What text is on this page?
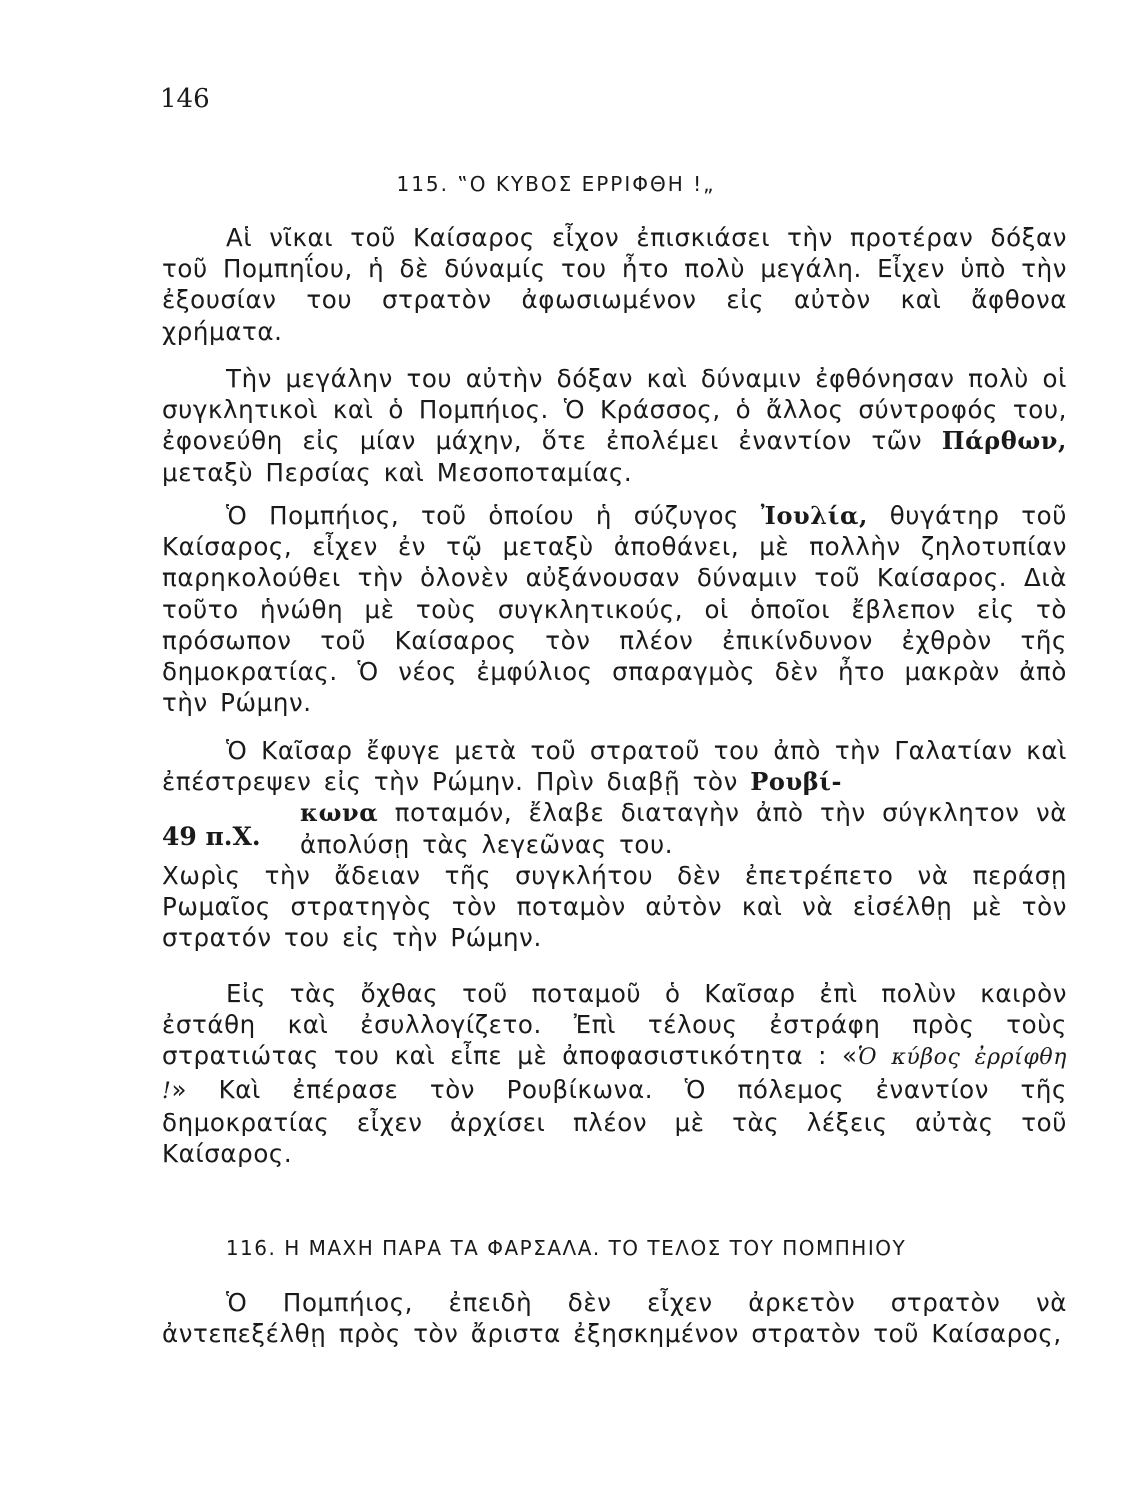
146
115. ‟Ο ΚΥΒΟΣ ΕΡΡΙΦΘΗ !„
Αἱ νῖκαι τοῦ Καίσαρος εἶχον ἐπισκιάσει τὴν προτέραν δόξαν τοῦ Πομπηΐου, ἡ δὲ δύναμίς του ἦτο πολὺ μεγάλη. Εἶχεν ὑπὸ τὴν ἐξουσίαν του στρατὸν ἀφωσιωμένον εἰς αὐτὸν καὶ ἄφθονα χρήματα.
Τὴν μεγάλην του αὐτὴν δόξαν καὶ δύναμιν ἐφθόνησαν πολὺ οἱ συγκλητικοὶ καὶ ὁ Πομπήιος. Ὁ Κράσσος, ὁ ἄλλος σύντροφός του, ἐφονεύθη εἰς μίαν μάχην, ὅτε ἐπολέμει ἐναντίον τῶν Πάρθων, μεταξὺ Περσίας καὶ Μεσοποταμίας.
Ὁ Πομπήιος, τοῦ ὁποίου ἡ σύζυγος Ἰουλία, θυγάτηρ τοῦ Καίσαρος, εἶχεν ἐν τῷ μεταξὺ ἀποθάνει, μὲ πολλὴν ζηλοτυπίαν παρηκολούθει τὴν ὁλονὲν αὐξάνουσαν δύναμιν τοῦ Καίσαρος. Διὰ τοῦτο ἡνώθη μὲ τοὺς συγκλητικούς, οἱ ὁποῖοι ἔβλεπον εἰς τὸ πρόσωπον τοῦ Καίσαρος τὸν πλέον ἐπικίνδυνον ἐχθρὸν τῆς δημοκρατίας. Ὁ νέος ἐμφύλιος σπαραγμὸς δὲν ἦτο μακρὰν ἀπὸ τὴν Ρώμην.
49 π.Χ.
Ὁ Καῖσαρ ἔφυγε μετὰ τοῦ στρατοῦ του ἀπὸ τὴν Γαλατίαν καὶ ἐπέστρεψεν εἰς τὴν Ρώμην. Πρὶν διαβῇ τὸν Ρουβί-
κωνα ποταμόν, ἔλαβε διαταγὴν ἀπὸ τὴν σύγκλητον νὰ ἀπολύσῃ τὰς λεγεῶνας του.
Χωρὶς τὴν ἄδειαν τῆς συγκλήτου δὲν ἐπετρέπετο νὰ περάσῃ Ρωμαῖος στρατηγὸς τὸν ποταμὸν αὐτὸν καὶ νὰ εἰσέλθῃ μὲ τὸν στρατόν του εἰς τὴν Ρώμην.
Εἰς τὰς ὄχθας τοῦ ποταμοῦ ὁ Καῖσαρ ἐπὶ πολὺν καιρὸν ἐστάθη καὶ ἐσυλλογίζετο. Ἐπὶ τέλους ἐστράφη πρὸς τοὺς στρατιώτας του καὶ εἶπε μὲ ἀποφασιστικότητα : «Ὁ κύβος ἐρρίφθη !» Καὶ ἐπέρασε τὸν Ρουβίκωνα. Ὁ πόλεμος ἐναντίον τῆς δημοκρατίας εἶχεν ἀρχίσει πλέον μὲ τὰς λέξεις αὐτὰς τοῦ Καίσαρος.
116. Η ΜΑΧΗ ΠΑΡΑ ΤΑ ΦΑΡΣΑΛΑ. ΤΟ ΤΕΛΟΣ ΤΟΥ ΠΟΜΠΗΙΟΥ
Ὁ Πομπήιος, ἐπειδὴ δὲν εἶχεν ἀρκετὸν στρατὸν νὰ ἀντεπεξέλθῃ πρὸς τὸν ἄριστα ἐξησκημένον στρατὸν τοῦ Καίσαρος,
